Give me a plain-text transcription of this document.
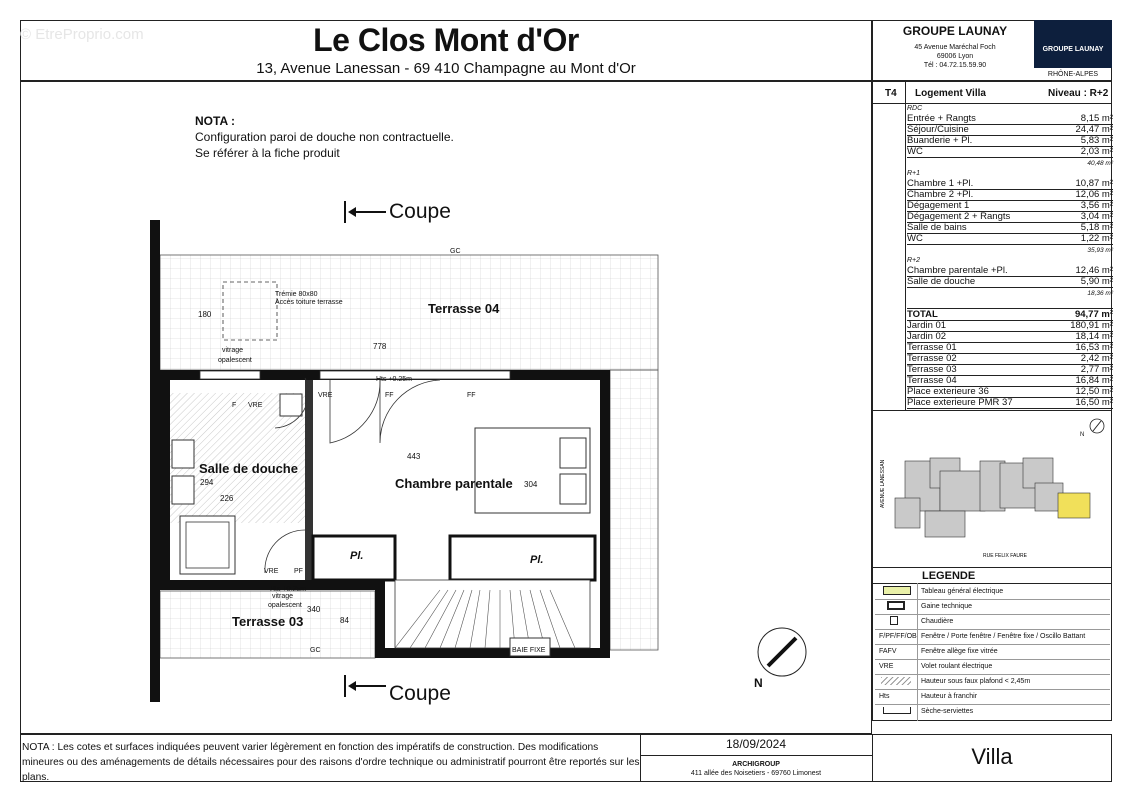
© EtreProprio.com	Le Clos Mont d'Or
13, Avenue Lanessan - 69 410 Champagne au Mont d'Or
GROUPE LAUNAY
45 Avenue Maréchal Foch
69006 Lyon
Tél : 04.72.15.59.90
GROUPE LAUNAY
RHÔNE-ALPES
T4 Logement Villa	Niveau : R+2
RDC
Entrée + Rangts	8,15 m²
Séjour/Cuisine	24,47 m²
Buanderie + Pl.	5,83 m²
WC	2,03 m²
40,48 m²
R+1
Chambre 1 +Pl.	10,87 m²
Chambre 2 +Pl.	12,06 m²
Dégagement 1	3,56 m²
Dégagement 2 + Rangts	3,04 m²
Salle de bains	5,18 m²
WC	1,22 m²
35,93 m²
R+2
Chambre parentale +Pl.	12,46 m²
Salle de douche	5,90 m²
18,36 m²
TOTAL	94,77 m²
Jardin 01	180,91 m²
Jardin 02	18,14 m²
Terrasse 01	16,53 m²
Terrasse 02	2,42 m²
Terrasse 03	2,77 m²
Terrasse 04	16,84 m²
Place exterieure 36	12,50 m²
Place exterieure PMR 37	16,50 m²
AVENUE LANESSAN
RUE FELIX FAURE
N
LEGENDE
Tableau général électrique
Gaine technique
Chaudière
F/PF/FF/OB Fenêtre / Porte fenêtre / Fenêtre fixe / Oscillo Battant
FAFV	Fenêtre allège fixe vitrée
VRE	Volet roulant électrique
Hauteur sous faux plafond < 2,45m
Hts	Hauteur à franchir
Sèche-serviettes
NOTA :
Configuration paroi de douche non contractuelle.
Se référer à la fiche produit
Coupe
Coupe
Terrasse 04
Terrasse 03
Salle de douche
Chambre parentale
Pl.	Pl.
Trémie 80x80
Accès toiture terrasse
vitrage
opalescent
vitrage
opalescent
Hts +0.25m
Hts +0.25m
VRE
VRE
VRE
F
FF	FF
PF
GC
GC	BAIE FIXE
778
180
443
304
294
226
340
84
N
NOTA : Les cotes et surfaces indiquées peuvent varier légèrement en fonction des impératifs de construction. Des modifications mineures ou des aménagements de détails nécessaires pour des raisons d'ordre technique ou administratif pourront être reportés sur les plans.
18/09/2024
ARCHIGROUP
411 allée des Noisetiers - 69760 Limonest
Villa
